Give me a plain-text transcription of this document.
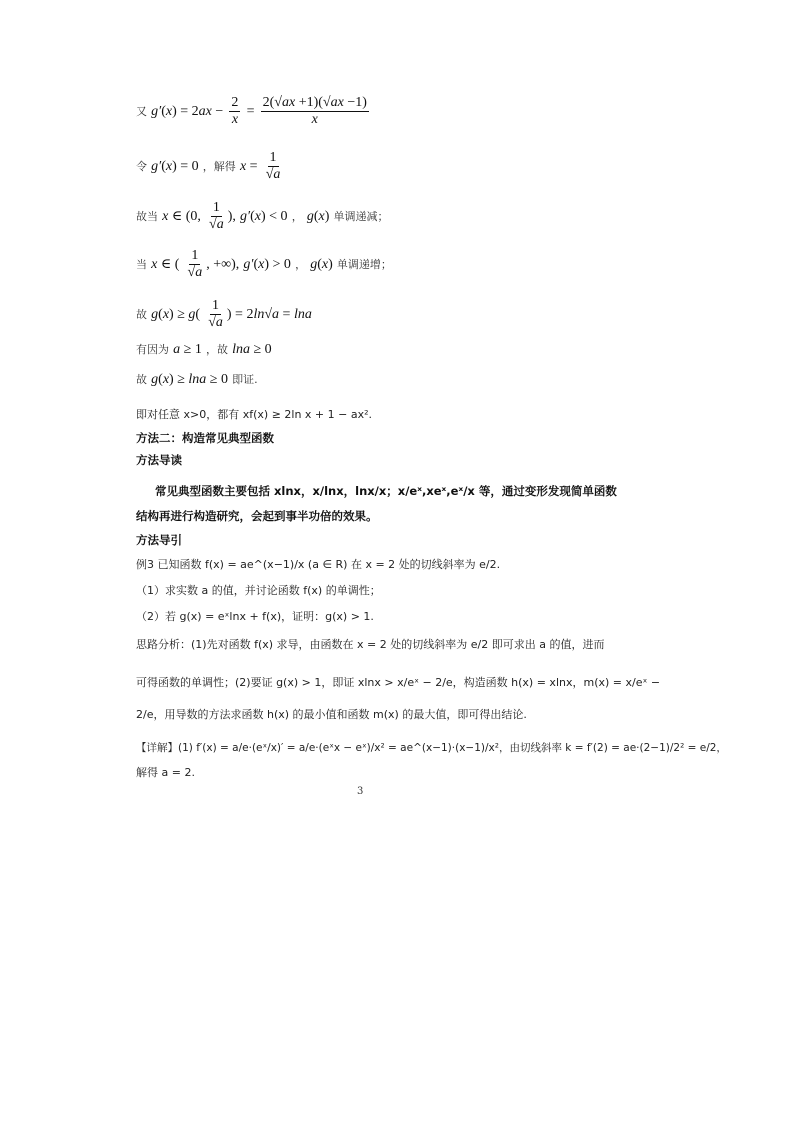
又 $g'(x) = 2ax - \frac{2}{x} = \frac{2(√ax +1)(√ax -1)}{x}$
令 g′(x) = 0 ，解得 $x = \frac{1}{√a}$
故当 x ∈ (0, $\frac{1}{√a}$ ), g′(x) < 0 ， g(x) 单调递减；
当 x ∈ ( $\frac{1}{√a}$ , +∞), g′(x) > 0 ， g(x) 单调递增；
故 $g(x) \ge g( \frac{1}{√a}$ ) = 2ln√a = lna
有因为 a ≥ 1 ，故 lna ≥ 0
故 g(x) ≥ lna ≥ 0 即证.
即对任意 x>0，都有 xf(x) ≥ 2ln x + 1 − ax².
方法二：构造常见典型函数
方法导读
常见典型函数主要包括 xlnx，x/lnx，lnx/x；x/eˣ,xeˣ,eˣ/x 等，通过变形发现简单函数
结构再进行构造研究，会起到事半功倍的效果。
方法导引
例3 已知函数 f(x) = ae^(x−1)/x (a ∈ R) 在 x = 2 处的切线斜率为 e/2.
（1）求实数 a 的值，并讨论函数 f(x) 的单调性；
（2）若 g(x) = eˣlnx + f(x)，证明：g(x) > 1.
思路分析：(1)先对函数 f(x) 求导，由函数在 x = 2 处的切线斜率为 e/2 即可求出 a 的值，进而
可得函数的单调性；(2)要证 g(x) > 1，即证 xlnx > x/eˣ − 2/e，构造函数 h(x) = xlnx，m(x) = x/eˣ −
2/e，用导数的方法求函数 h(x) 的最小值和函数 m(x) 的最大值，即可得出结论.
【详解】(1) f′(x) = a/e·(eˣ/x)′ = a/e·(eˣx − eˣ)/x² = ae^(x−1)·(x−1)/x²，由切线斜率 k = f′(2) = ae·(2−1)/2² = e/2，
解得 a = 2.
3
